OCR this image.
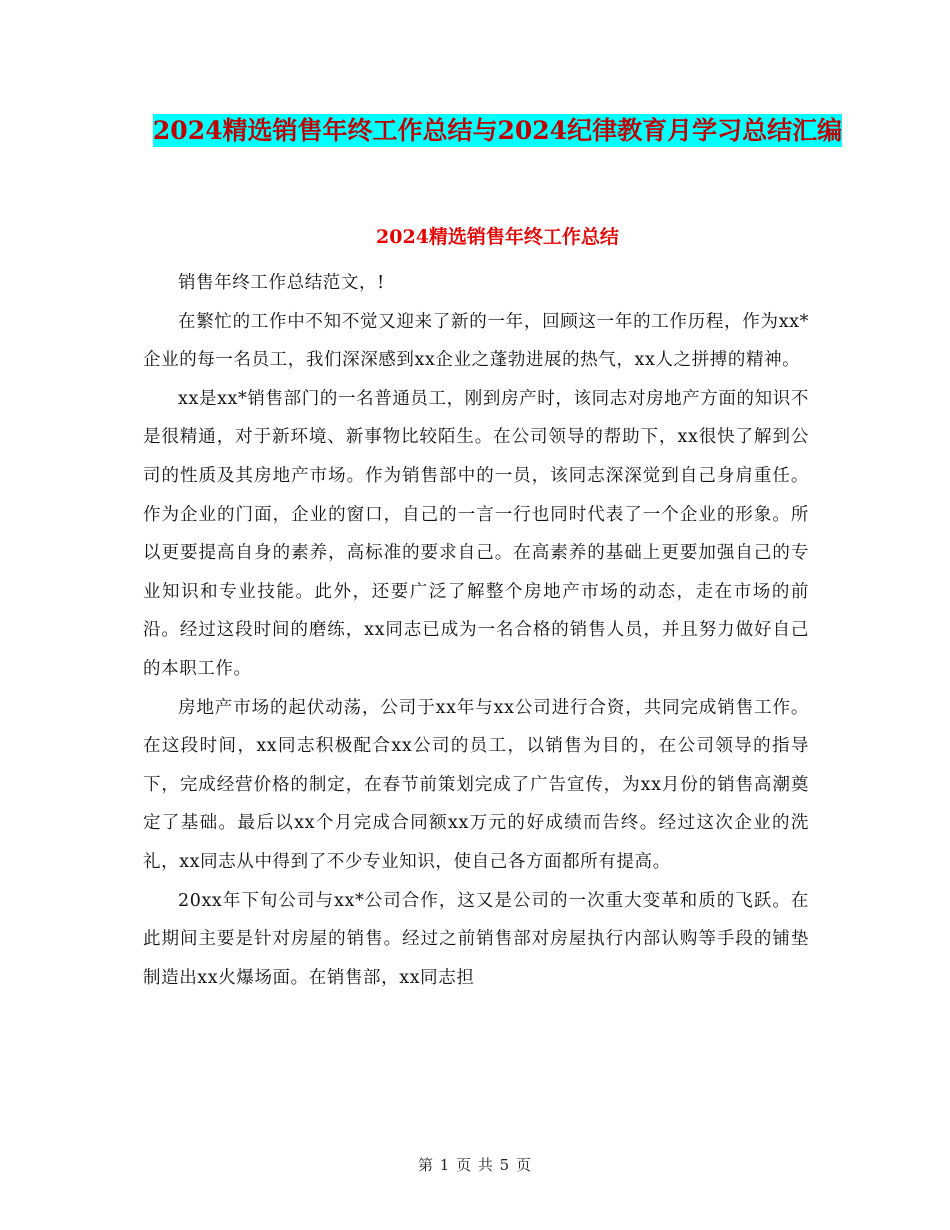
2024精选销售年终工作总结与2024纪律教育月学习总结汇编
2024精选销售年终工作总结

销售年终工作总结范文，!

在繁忙的工作中不知不觉又迎来了新的一年，回顾这一年的工作历程，作为xx*企业的每一名员工，我们深深感到xx企业之蓬勃进展的热气，xx人之拼搏的精神。

xx是xx*销售部门的一名普通员工，刚到房产时，该同志对房地产方面的知识不是很精通，对于新环境、新事物比较陌生。在公司领导的帮助下，xx很快了解到公司的性质及其房地产市场。作为销售部中的一员，该同志深深觉到自己身肩重任。作为企业的门面，企业的窗口，自己的一言一行也同时代表了一个企业的形象。所以更要提高自身的素养，高标准的要求自己。在高素养的基础上更要加强自己的专业知识和专业技能。此外，还要广泛了解整个房地产市场的动态，走在市场的前沿。经过这段时间的磨练，xx同志已成为一名合格的销售人员，并且努力做好自己的本职工作。

房地产市场的起伏动荡，公司于xx年与xx公司进行合资，共同完成销售工作。在这段时间，xx同志积极配合xx公司的员工，以销售为目的，在公司领导的指导下，完成经营价格的制定，在春节前策划完成了广告宣传，为xx月份的销售高潮奠定了基础。最后以xx个月完成合同额xx万元的好成绩而告终。经过这次企业的洗礼，xx同志从中得到了不少专业知识，使自己各方面都所有提高。

20xx年下旬公司与xx*公司合作，这又是公司的一次重大变革和质的飞跃。在此期间主要是针对房屋的销售。经过之前销售部对房屋执行内部认购等手段的铺垫制造出xx火爆场面。在销售部，xx同志担

第 1 页 共 5 页
